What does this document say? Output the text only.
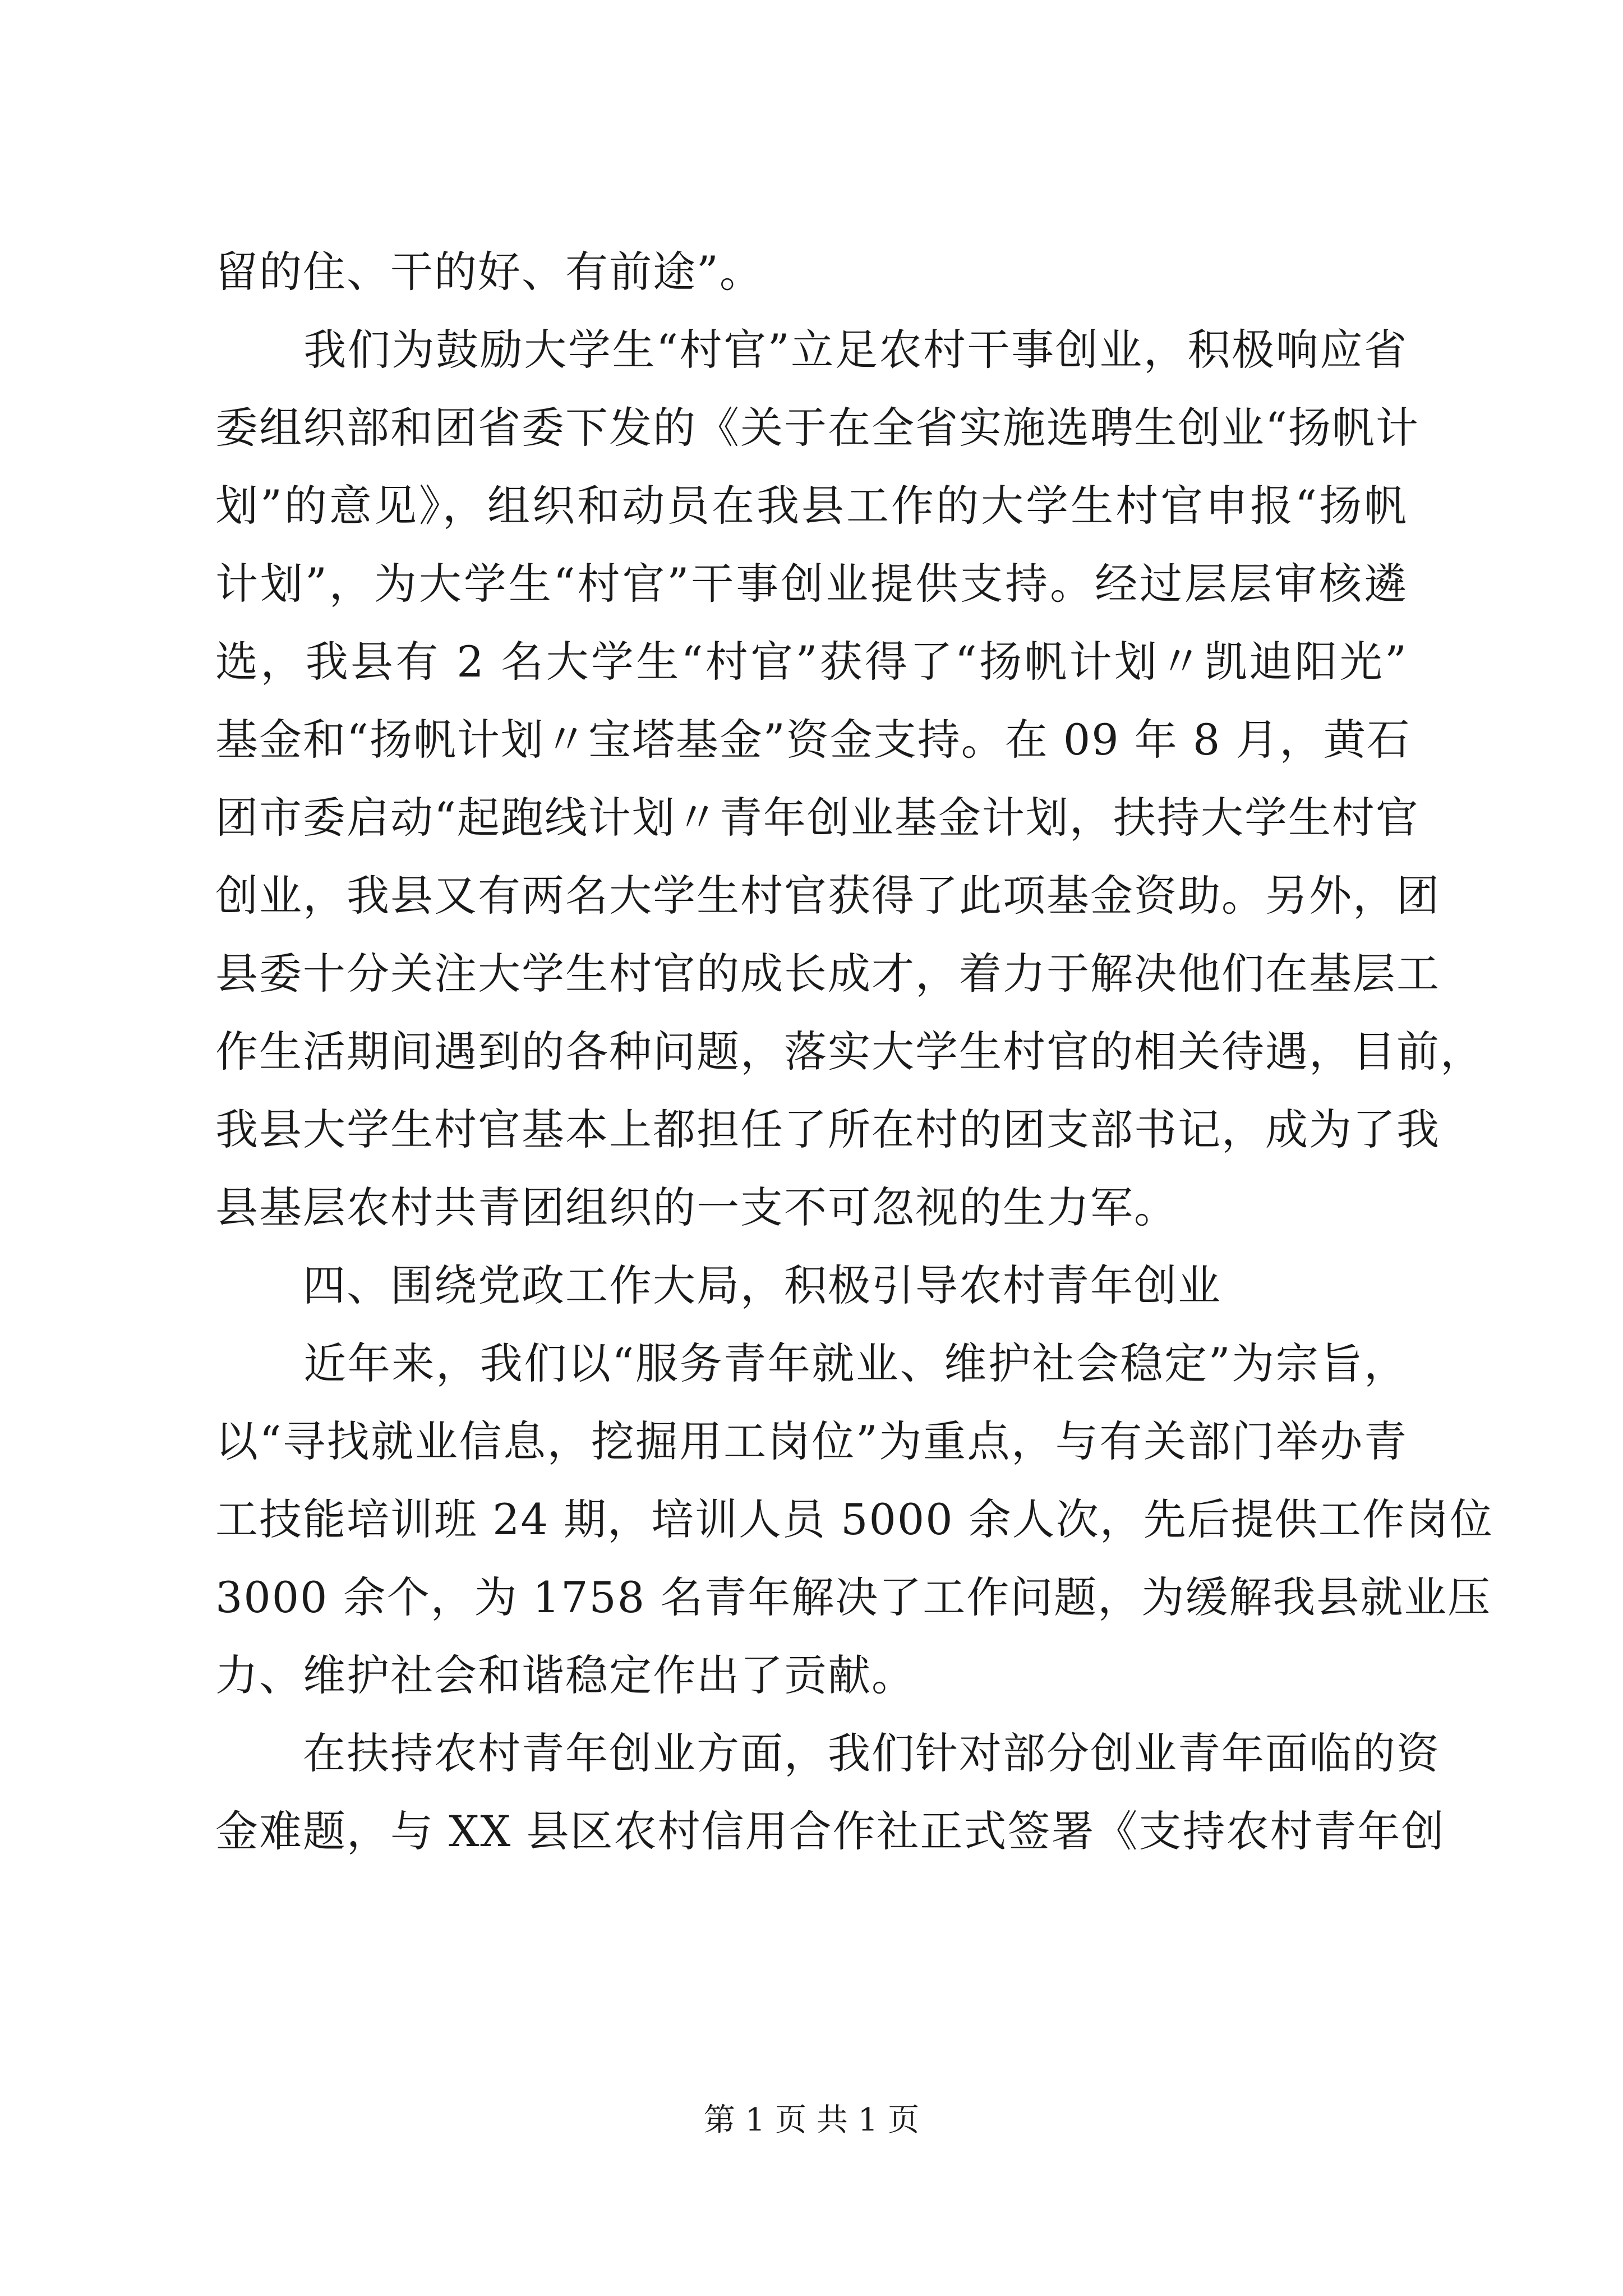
留的住、干的好、有前途”。
　　我们为鼓励大学生“村官”立足农村干事创业，积极响应省
委组织部和团省委下发的《关于在全省实施选聘生创业“扬帆计
划”的意见》，组织和动员在我县工作的大学生村官申报“扬帆
计划”，为大学生“村官”干事创业提供支持。经过层层审核遴
选，我县有 2 名大学生“村官”获得了“扬帆计划〃凯迪阳光”
基金和“扬帆计划〃宝塔基金”资金支持。在 09 年 8 月，黄石
团市委启动“起跑线计划〃青年创业基金计划，扶持大学生村官
创业，我县又有两名大学生村官获得了此项基金资助。另外，团
县委十分关注大学生村官的成长成才，着力于解决他们在基层工
作生活期间遇到的各种问题，落实大学生村官的相关待遇，目前，
我县大学生村官基本上都担任了所在村的团支部书记，成为了我
县基层农村共青团组织的一支不可忽视的生力军。
　　四、围绕党政工作大局，积极引导农村青年创业
　　近年来，我们以“服务青年就业、维护社会稳定”为宗旨，
以“寻找就业信息，挖掘用工岗位”为重点，与有关部门举办青
工技能培训班 24 期，培训人员 5000 余人次，先后提供工作岗位
3000 余个，为 1758 名青年解决了工作问题，为缓解我县就业压
力、维护社会和谐稳定作出了贡献。
　　在扶持农村青年创业方面，我们针对部分创业青年面临的资
金难题，与 XX 县区农村信用合作社正式签署《支持农村青年创
第 1 页 共 1 页
